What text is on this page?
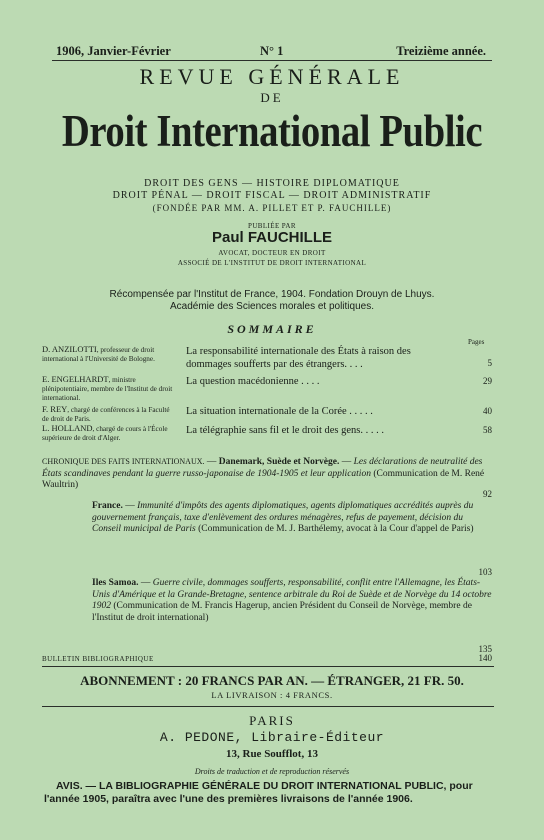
1906, Janvier-Février	N° 1	Treizième année.
REVUE GÉNÉRALE
DE
Droit International Public
DROIT DES GENS — HISTOIRE DIPLOMATIQUE
DROIT PÉNAL — DROIT FISCAL — DROIT ADMINISTRATIF
(FONDÉE PAR MM. A. PILLET ET P. FAUCHILLE)
PUBLIÉE PAR
Paul FAUCHILLE
AVOCAT, DOCTEUR EN DROIT
ASSOCIÉ DE L'INSTITUT DE DROIT INTERNATIONAL
Récompensée par l'Institut de France, 1904. Fondation Drouyn de Lhuys.
Académie des Sciences morales et politiques.
SOMMAIRE
Pages
D. ANZILOTTI, professeur de droit international à l'Université de Bologne.
La responsabilité internationale des États à raison des dommages soufferts par des étrangers. . . .	5
E. ENGELHARDT, ministre plénipotentiaire, membre de l'Institut de droit international.
La question macédonienne . . . .	29
F. REY, chargé de conférences à la Faculté de droit de Paris.
La situation internationale de la Corée . . . . .	40
L. HOLLAND, chargé de cours à l'École supérieure de droit d'Alger.
La télégraphie sans fil et le droit des gens. . . . .	58
CHRONIQUE DES FAITS INTERNATIONAUX. — Danemark, Suède et Norvège. — Les déclarations de neutralité des États scandinaves pendant la guerre russo-japonaise de 1904-1905 et leur application (Communication de M. René Waultrin)
92
France. — Immunité d'impôts des agents diplomatiques, agents diplomatiques accrédités auprès du gouvernement français, taxe d'enlèvement des ordures ménagères, refus de payement, décision du Conseil municipal de Paris (Communication de M. J. Barthélemy, avocat à la Cour d'appel de Paris)
103
Iles Samoa. — Guerre civile, dommages soufferts, responsabilité, conflit entre l'Allemagne, les États-Unis d'Amérique et la Grande-Bretagne, sentence arbitrale du Roi de Suède et de Norvège du 14 octobre 1902 (Communication de M. Francis Hagerup, ancien Président du Conseil de Norvège, membre de l'Institut de droit international)
135
BULLETIN BIBLIOGRAPHIQUE	140
ABONNEMENT : 20 FRANCS PAR AN. — ÉTRANGER, 21 FR. 50.
LA LIVRAISON : 4 FRANCS.
PARIS
A. PEDONE, Libraire-Éditeur
13, Rue Soufflot, 13
Droits de traduction et de reproduction réservés
AVIS. — LA BIBLIOGRAPHIE GÉNÉRALE DU DROIT INTERNATIONAL PUBLIC, pour l'année 1905, paraîtra avec l'une des premières livraisons de l'année 1906.
